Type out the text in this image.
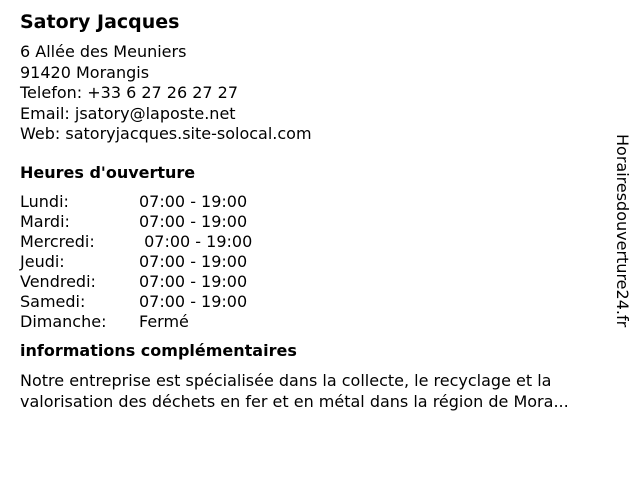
Satory Jacques
6 Allée des Meuniers
91420 Morangis
Telefon: +33 6 27 26 27 27
Email: jsatory@laposte.net
Web: satoryjacques.site-solocal.com
Heures d'ouverture
Lundi:	07:00 - 19:00
Mardi:	07:00 - 19:00
Mercredi:	07:00 - 19:00
Jeudi:	07:00 - 19:00
Vendredi:	07:00 - 19:00
Samedi:	07:00 - 19:00
Dimanche:	Fermé
informations complémentaires
Notre entreprise est spécialisée dans la collecte, le recyclage et la valorisation des déchets en fer et en métal dans la région de Mora...
Horairesdouverture24.fr
